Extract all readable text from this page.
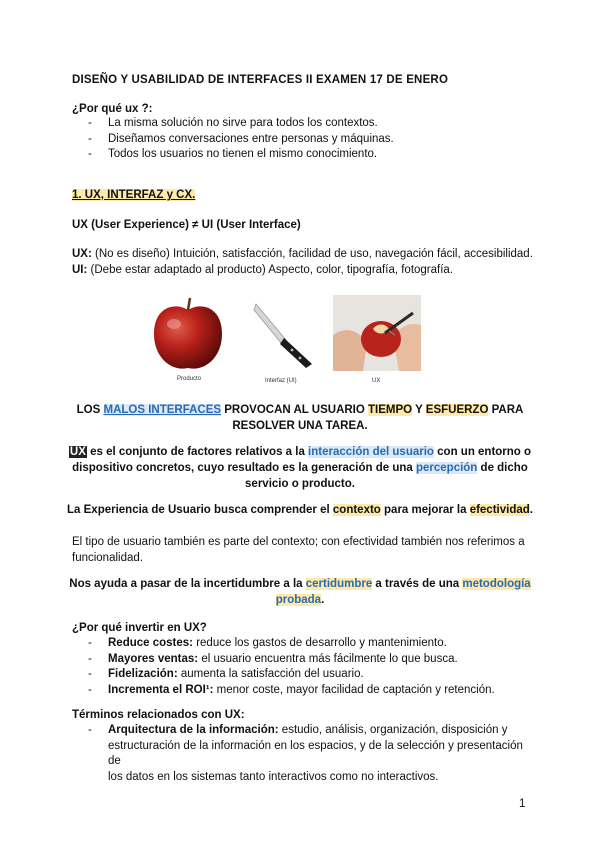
DISEÑO Y USABILIDAD DE INTERFACES II EXAMEN 17 DE ENERO
¿Por qué ux ?:
- La misma solución no sirve para todos los contextos.
- Diseñamos conversaciones entre personas y máquinas.
- Todos los usuarios no tienen el mismo conocimiento.
1. UX, INTERFAZ y CX.
UX (User Experience) ≠ UI (User Interface)
UX: (No es diseño) Intuición, satisfacción, facilidad de uso, navegación fácil, accesibilidad.
UI: (Debe estar adaptado al producto) Aspecto, color, tipografía, fotografía.
Producto	Interfaz (UI)	UX
LOS MALOS INTERFACES PROVOCAN AL USUARIO TIEMPO Y ESFUERZO PARA
RESOLVER UNA TAREA.
UX es el conjunto de factores relativos a la interacción del usuario con un entorno o
dispositivo concretos, cuyo resultado es la generación de una percepción de dicho
servicio o producto.
La Experiencia de Usuario busca comprender el contexto para mejorar la efectividad.
El tipo de usuario también es parte del contexto; con efectividad también nos referimos a
funcionalidad.
Nos ayuda a pasar de la incertidumbre a la certidumbre a través de una metodología
probada.
¿Por qué invertir en UX?
- Reduce costes: reduce los gastos de desarrollo y mantenimiento.
- Mayores ventas: el usuario encuentra más fácilmente lo que busca.
- Fidelización: aumenta la satisfacción del usuario.
- Incrementa el ROI¹: menor coste, mayor facilidad de captación y retención.
Términos relacionados con UX:
- Arquitectura de la información: estudio, análisis, organización, disposición y
estructuración de la información en los espacios, y de la selección y presentación de
los datos en los sistemas tanto interactivos como no interactivos.
1
